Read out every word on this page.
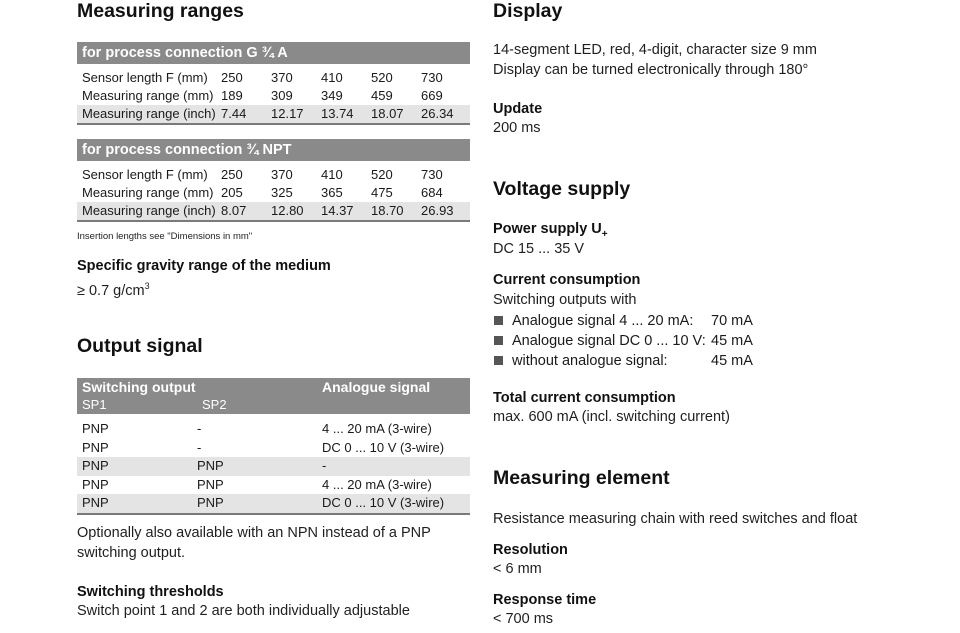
Measuring ranges
for process connection G ¾ A
Sensor length F (mm)	250	370	410	520	730
Measuring range (mm)	189	309	349	459	669
Measuring range (inch)	7.44	12.17	13.74	18.07	26.34
for process connection ¾ NPT
Sensor length F (mm)	250	370	410	520	730
Measuring range (mm)	205	325	365	475	684
Measuring range (inch)	8.07	12.80	14.37	18.70	26.93
Insertion lengths see "Dimensions in mm"
Specific gravity range of the medium

≥ 0.7 $g/cm^3$

Output signal
Switching output	Analogue signal
SP1	SP2
PNP	-	4 ... 20 mA (3-wire)
PNP	-	DC 0 ... 10 V (3-wire)
PNP	PNP	-
PNP	PNP	4 ... 20 mA (3-wire)
PNP	PNP	DC 0 ... 10 V (3-wire)

Optionally also available with an NPN instead of a PNP

switching output.

Switching thresholds

Switch point 1 and 2 are both individually adjustable

Display

14-segment LED, red, 4-digit, character size 9 mm

Display can be turned electronically through 180°

Update

200 ms

Voltage supply
Power supply $U_+$

DC 15 ... 35 V

Current consumption

Switching outputs with

Analogue signal 4 ... 20 mA: 70 mA
Analogue signal DC 0 ... 10 V: 45 mA
without analogue signal:	45 mA
Total current consumption

max. 600 mA (incl. switching current)

Measuring element

Resistance measuring chain with reed switches and float

Resolution

< 6 mm

Response time

< 700 ms
